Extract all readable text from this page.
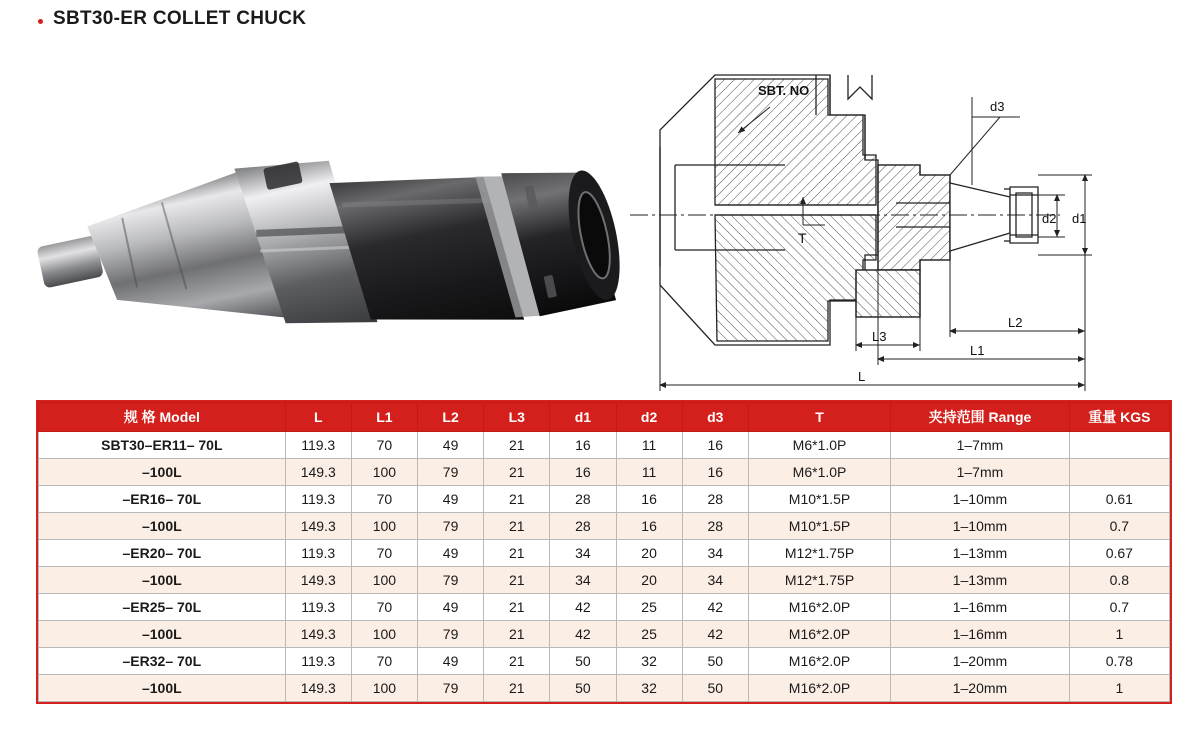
SBT30-ER COLLET CHUCK
SBT. NO
T
d3
d2 d1
L3
L2
L1
L
规 格 Model	L	L1	L2	L3	d1	d2	d3	T	夹持范围 Range	重量 KGS
SBT30–ER11– 70L	119.3	70	49	21	16	11	16	M6*1.0P	1–7mm	
–100L	149.3	100	79	21	16	11	16	M6*1.0P	1–7mm	
–ER16– 70L	119.3	70	49	21	28	16	28	M10*1.5P	1–10mm	0.61
–100L	149.3	100	79	21	28	16	28	M10*1.5P	1–10mm	0.7
–ER20– 70L	119.3	70	49	21	34	20	34	M12*1.75P	1–13mm	0.67
–100L	149.3	100	79	21	34	20	34	M12*1.75P	1–13mm	0.8
–ER25– 70L	119.3	70	49	21	42	25	42	M16*2.0P	1–16mm	0.7
–100L	149.3	100	79	21	42	25	42	M16*2.0P	1–16mm	1
–ER32– 70L	119.3	70	49	21	50	32	50	M16*2.0P	1–20mm	0.78
–100L	149.3	100	79	21	50	32	50	M16*2.0P	1–20mm	1
